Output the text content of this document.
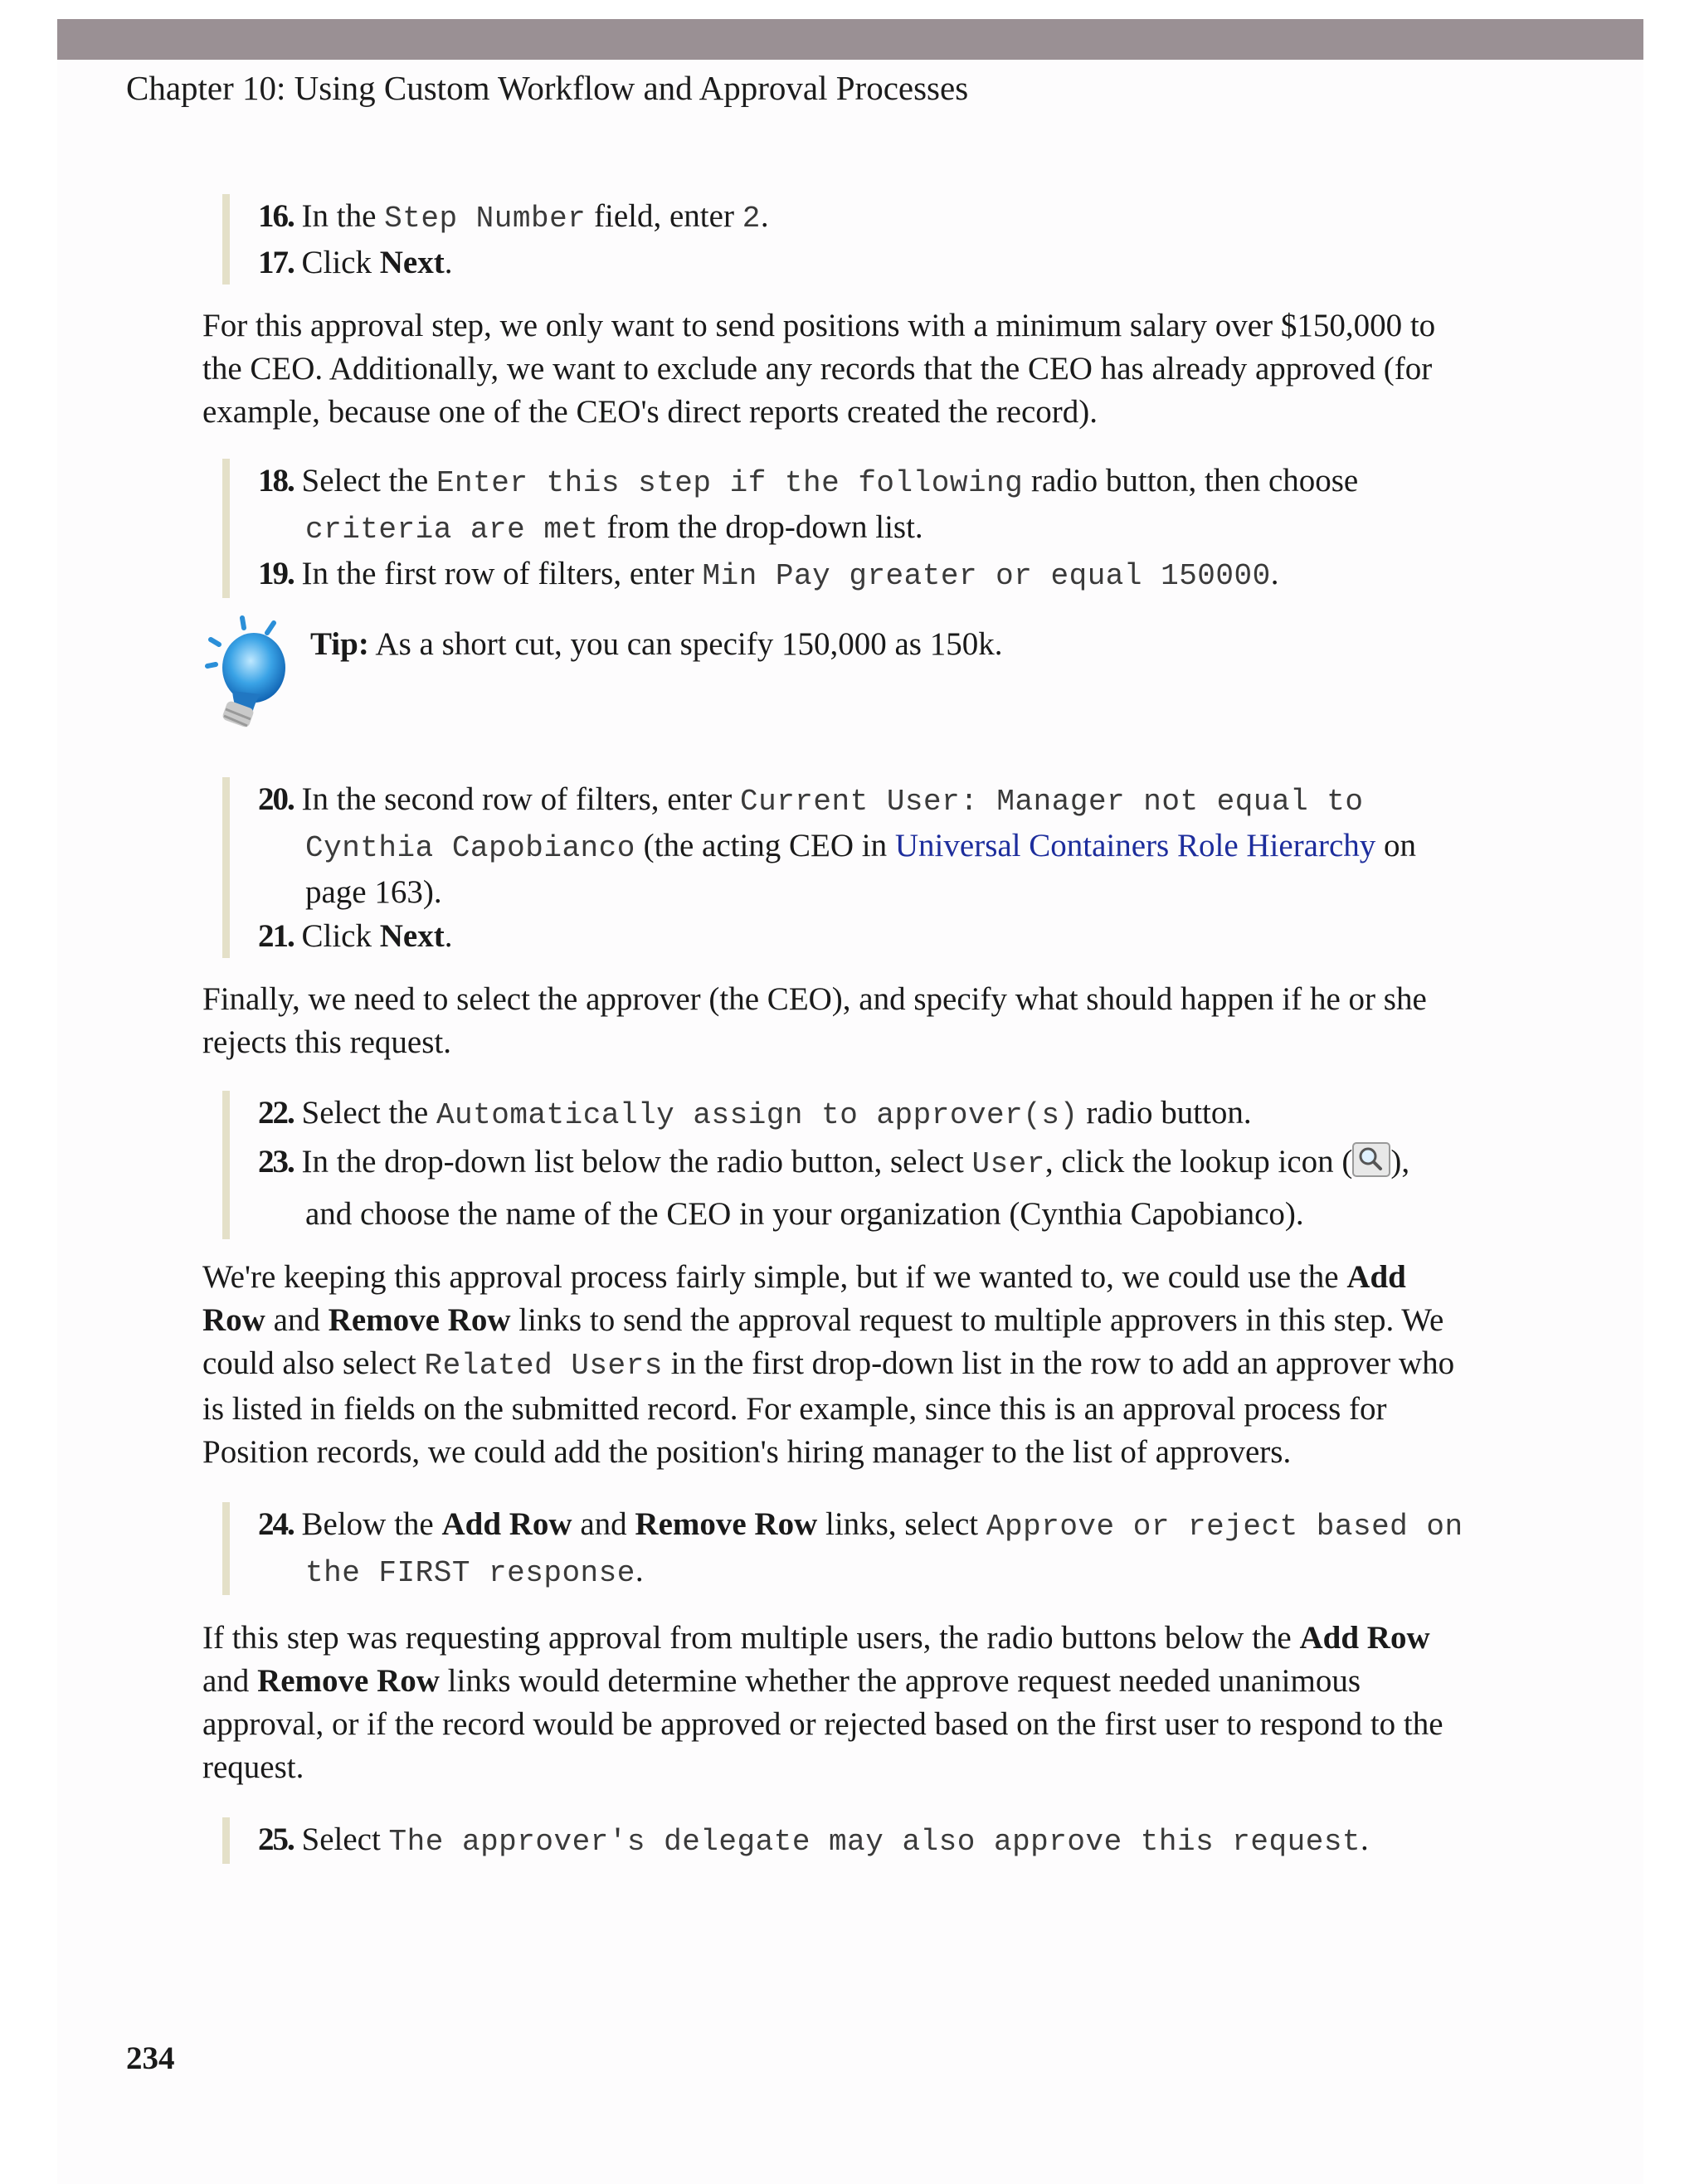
Chapter 10: Using Custom Workflow and Approval Processes
16. In the Step Number field, enter 2.
17. Click Next.

For this approval step, we only want to send positions with a minimum salary over $150,000 to the CEO. Additionally, we want to exclude any records that the CEO has already approved (for example, because one of the CEO's direct reports created the record).

18. Select the Enter this step if the following radio button, then choose criteria are met from the drop-down list.
19. In the first row of filters, enter Min Pay greater or equal 150000.
Tip: As a short cut, you can specify 150,000 as 150k.
20. In the second row of filters, enter Current User: Manager not equal to Cynthia Capobianco (the acting CEO in Universal Containers Role Hierarchy on page 163).
21. Click Next.

Finally, we need to select the approver (the CEO), and specify what should happen if he or she rejects this request.

22. Select the Automatically assign to approver(s) radio button.
23. In the drop-down list below the radio button, select User, click the lookup icon ( ), and choose the name of the CEO in your organization (Cynthia Capobianco).

We're keeping this approval process fairly simple, but if we wanted to, we could use the Add Row and Remove Row links to send the approval request to multiple approvers in this step. We could also select Related Users in the first drop-down list in the row to add an approver who is listed in fields on the submitted record. For example, since this is an approval process for Position records, we could add the position's hiring manager to the list of approvers.

24. Below the Add Row and Remove Row links, select Approve or reject based on the FIRST response.

If this step was requesting approval from multiple users, the radio buttons below the Add Row and Remove Row links would determine whether the approve request needed unanimous approval, or if the record would be approved or rejected based on the first user to respond to the request.

25. Select The approver's delegate may also approve this request.
234
